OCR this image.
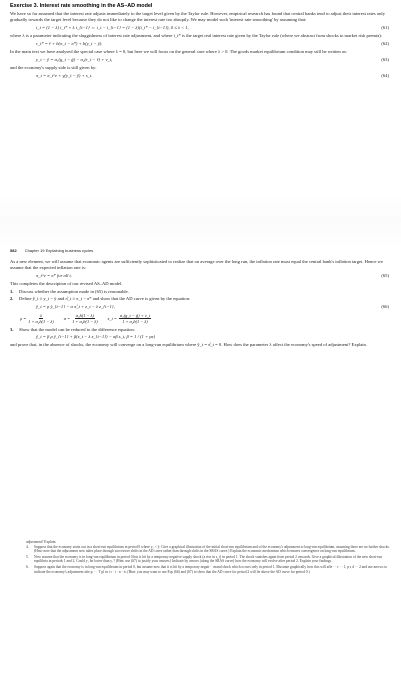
Exercise 3. Interest rate smoothing in the AS–AD model

We have so far assumed that the interest rate adjusts immediately to the target level given by the Taylor rule. However, empirical research has found that central banks tend to adjust their interest rates only gradually towards the target level because they do not like to change the interest rate too abruptly. We may model such 'interest rate smoothing' by assuming that:

i_t = (1 − λ) i_t* + λ i_{t−1} ⇔ i_t − i_{t−1} = (1 − λ)(i_t* − i_{t−1}), 0 ≤ λ < 1,	(61)

where λ is a parameter indicating the sluggishness of interest rate adjustment, and where i_t* is the target real interest rate given by the Taylor rule (where we abstract from shocks to market risk premia):

r_t* = r̄ + h(π_t − π*) + b(y_t − ȳ).	(62)

In the main text we have analysed the special case where λ = 0, but here we will focus on the general case where λ > 0. The goods market equilibrium condition may still be written as:

y_t − ȳ = α₁(g_t − ḡ) − α₂(r_t − r̄) + v_t,	(63)

and the economy's supply side is still given by:

π_t = π_t^e + γ(y_t − ȳ) + s_t.	(64)
582 Chapter 19 Explaining business cycles

As a new element, we will assume that economic agents are sufficiently sophisticated to realize that on average over the long run, the inflation rate must equal the central bank's inflation target. Hence we assume that the expected inflation rate is:

π_t^e = π* for all t.	(65)

This completes the description of our revised AS–AD model.

1.	Discuss whether the assumption made in (65) is reasonable.
2.	Define ŷ_t ≡ y_t − ȳ and π̂_t ≡ π_t − π* and show that the AD curve is given by the equation:
ŷ_t = ρ ŷ_{t−1} − α π̂_t + z_t − λ z_{t−1},	(66)
$\rho = \frac{\lambda}{\text{1 + α₂h(1 − λ)}}$ $\alpha = \frac{\text{α₂h(1 − λ)}}{\text{1 + α₂b(1 − λ)}}$ z_t = $\frac{\text{α₁(g\_t − ḡ) + v\_t}}{\text{1 + α₂b(1 − λ)}}$
3.	Show that the model can be reduced to the difference equation:
ŷ_t = β ρ ŷ_{t−1} + β(z_t − λ z_{t−1}) − αβ s_t, β = 1 / (1 + γα)

and prove that, in the absence of shocks, the economy will converge on a long-run equilibrium where ŷ_t = π̂_t = 0. How does the parameter λ affect the economy's speed of adjustment? Explain.

adjustment? Explain.

4.	Suppose that the economy starts out in a short-run equilibrium in period 0 where y₀ < ȳ. Give a graphical illustration of the initial short-run equilibrium and of the economy's adjustment to long-run equilibrium, assuming there are no further shocks. (Hint: note that the adjustment now takes place through successive shifts in the AD curve rather than through shifts in the SRAS curve.) Explain the economic mechanism which ensures convergence on long-run equilibrium.
5.	Now assume that the economy is in long-run equilibrium in period 0 but is hit by a temporary negative supply shock (a rise in s_t) in period 1. The shock vanishes again from period 2 onwards. Give a graphical illustration of the new short-run equilibria in periods 1 and 2. Could y₂ be lower than y₁? (Hint: use (67) to justify your answer.) Indicate by arrows (along the SRAS curve) how the economy will evolve after period 2. Explain your findings.
6.	Suppose again that the economy is in long-run equilibrium in period 0, but assume now that it is hit by a temporary negati· · mand shock which occurs only in period 1. Illustrate graphically how this will affe · · r · · 1, p s d · · 2 and use arrows to indicate the economy's adjustment afte p. · · T pl in t r · i · n · it. (Hint: you may want to use Eqs (66) and (67) to show that the AD curve for period 2 will lie above the AD curve for period 0.)
